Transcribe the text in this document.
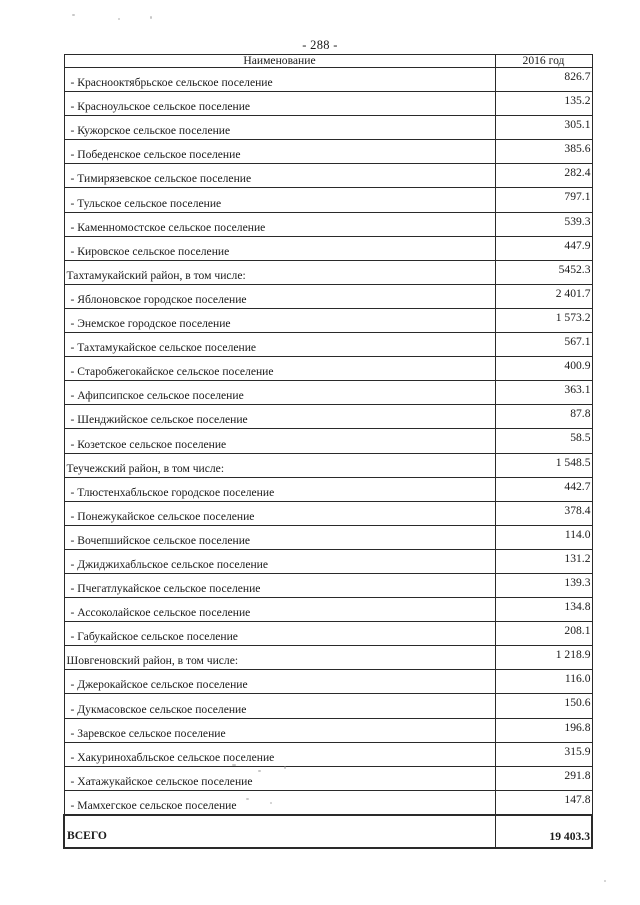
- 288 -
Наименование	2016 год
- Краснооктябрьское сельское поселение	826.7
- Красноульское сельское поселение	135.2
- Кужорское сельское поселение	305.1
- Победенское сельское поселение	385.6
- Тимирязевское сельское поселение	282.4
- Тульское сельское поселение	797.1
- Каменномостское сельское поселение	539.3
- Кировское сельское поселение	447.9
Тахтамукайский район, в том числе:	5452.3
- Яблоновское городское поселение	2 401.7
- Энемское городское поселение	1 573.2
- Тахтамукайское сельское поселение	567.1
- Старобжегокайское сельское поселение	400.9
- Афипсипское сельское поселение	363.1
- Шенджийское сельское поселение	87.8
- Козетское сельское поселение	58.5
Теучежский район, в том числе:	1 548.5
- Тлюстенхабльское городское поселение	442.7
- Понежукайское сельское поселение	378.4
- Вочепшийское сельское поселение	114.0
- Джиджихабльское сельское поселение	131.2
- Пчегатлукайское сельское поселение	139.3
- Ассоколайское сельское поселение	134.8
- Габукайское сельское поселение	208.1
Шовгеновский район, в том числе:	1 218.9
- Джерокайское сельское поселение	116.0
- Дукмасовское сельское поселение	150.6
- Заревское сельское поселение	196.8
- Хакуринохабльское сельское поселение	315.9
- Хатажукайское сельское поселение	291.8
- Мамхегское сельское поселение	147.8
ВСЕГО	19 403.3
